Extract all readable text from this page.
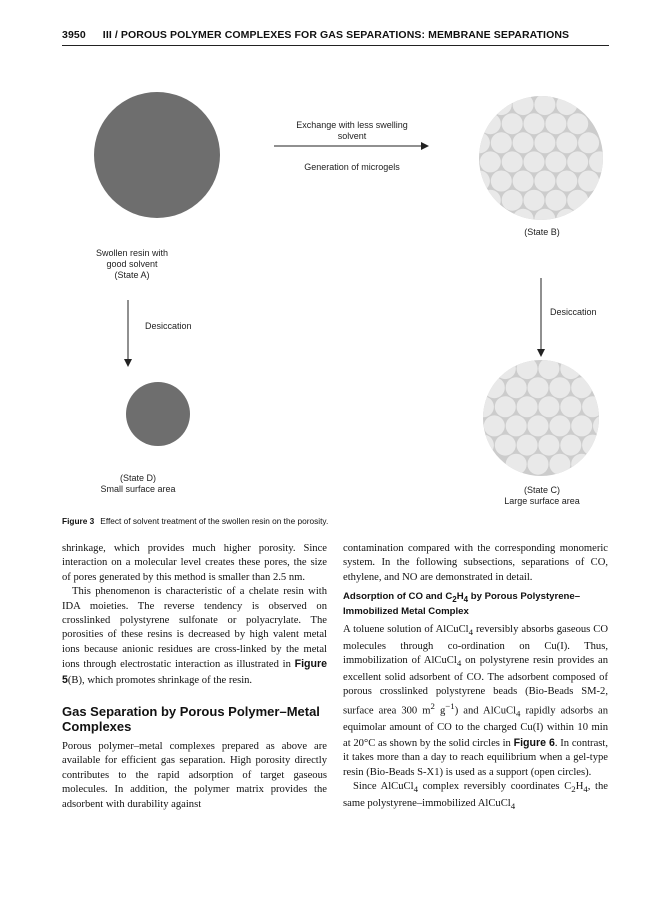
3950 III / POROUS POLYMER COMPLEXES FOR GAS SEPARATIONS: MEMBRANE SEPARATIONS
Exchange with less swelling
solvent
Generation of microgels
Swollen resin with
good solvent
(State A)
(State B)
Desiccation
Desiccation
(State D)
Small surface area	(State C)
Large surface area
Figure 3 Effect of solvent treatment of the swollen resin on the porosity.

shrinkage, which provides much higher porosity. Since interaction on a molecular level creates these pores, the size of pores generated by this method is smaller than 2.5 nm.

This phenomenon is characteristic of a chelate resin with IDA moieties. The reverse tendency is observed on crosslinked polystyrene sulfonate or polyacrylate. The porosities of these resins is decreased by high valent metal ions because anionic residues are cross-linked by the metal ions through electrostatic interaction as illustrated in Figure 5(B), which promotes shrinkage of the resin.

Gas Separation by Porous Polymer–Metal Complexes

Porous polymer–metal complexes prepared as above are available for efficient gas separation. High porosity directly contributes to the rapid adsorption of target gaseous molecules. In addition, the polymer matrix provides the adsorbent with durability against

contamination compared with the corresponding monomeric system. In the following subsections, separations of CO, ethylene, and NO are demonstrated in detail.

Adsorption of CO and $C_2H_4$ by Porous Polystyrene–Immobilized Metal Complex

A toluene solution of AlCuCl$_4$ reversibly absorbs gaseous CO molecules through co-ordination on Cu(I). Thus, immobilization of AlCuCl$_4$ on polystyrene resin provides an excellent solid adsorbent of CO. The adsorbent composed of porous crosslinked polystyrene beads (Bio-Beads SM-2, surface area 300 $m^2$ $g^{-1}$) and AlCuCl$_4$ rapidly adsorbs an equimolar amount of CO to the charged Cu(I) within 10 min at 20°C as shown by the solid circles in Figure 6. In contrast, it takes more than a day to reach equilibrium when a gel-type resin (Bio-Beads S-X1) is used as a support (open circles).

Since AlCuCl$_4$ complex reversibly coordinates $C_2H_4$, the same polystyrene–immobilized AlCuCl$_4$
